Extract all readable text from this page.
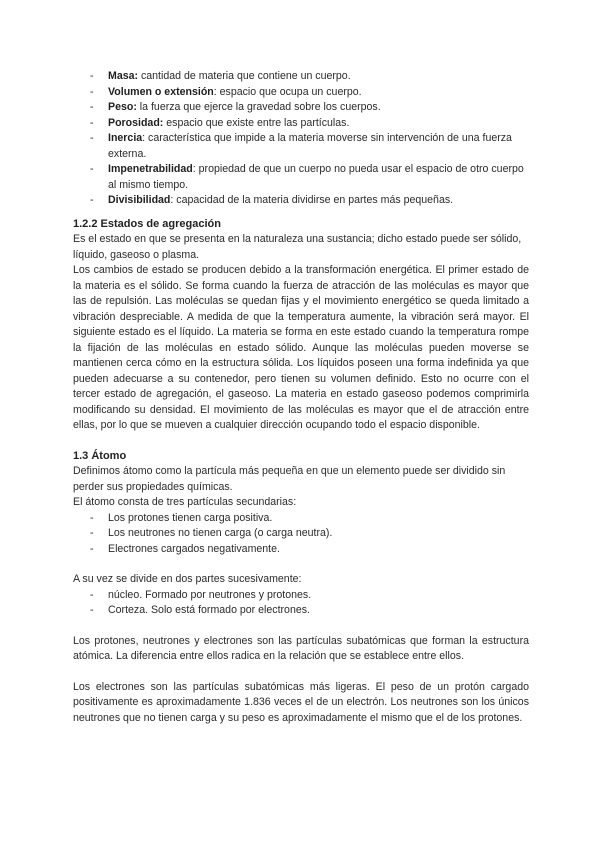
- Masa: cantidad de materia que contiene un cuerpo.
- Volumen o extensión: espacio que ocupa un cuerpo.
- Peso: la fuerza que ejerce la gravedad sobre los cuerpos.
- Porosidad: espacio que existe entre las partículas.
- Inercia: característica que impide a la materia moverse sin intervención de una fuerza externa.
- Impenetrabilidad: propiedad de que un cuerpo no pueda usar el espacio de otro cuerpo al mismo tiempo.
- Divisibilidad: capacidad de la materia dividirse en partes más pequeñas.
1.2.2 Estados de agregación

Es el estado en que se presenta en la naturaleza una sustancia; dicho estado puede ser sólido, líquido, gaseoso o plasma.

Los cambios de estado se producen debido a la transformación energética. El primer estado de la materia es el sólido. Se forma cuando la fuerza de atracción de las moléculas es mayor que las de repulsión. Las moléculas se quedan fijas y el movimiento energético se queda limitado a vibración despreciable. A medida de que la temperatura aumente, la vibración será mayor. El siguiente estado es el líquido. La materia se forma en este estado cuando la temperatura rompe la fijación de las moléculas en estado sólido. Aunque las moléculas pueden moverse se mantienen cerca cómo en la estructura sólida. Los líquidos poseen una forma indefinida ya que pueden adecuarse a su contenedor, pero tienen su volumen definido. Esto no ocurre con el tercer estado de agregación, el gaseoso. La materia en estado gaseoso podemos comprimirla modificando su densidad. El movimiento de las moléculas es mayor que el de atracción entre ellas, por lo que se mueven a cualquier dirección ocupando todo el espacio disponible.

1.3 Átomo

Definimos átomo como la partícula más pequeña en que un elemento puede ser dividido sin perder sus propiedades químicas.

El átomo consta de tres partículas secundarias:

- Los protones tienen carga positiva.
- Los neutrones no tienen carga (o carga neutra).
- Electrones cargados negativamente.

A su vez se divide en dos partes sucesivamente:

- núcleo. Formado por neutrones y protones.
- Corteza. Solo está formado por electrones.

Los protones, neutrones y electrones son las partículas subatómicas que forman la estructura atómica. La diferencia entre ellos radica en la relación que se establece entre ellos.

Los electrones son las partículas subatómicas más ligeras. El peso de un protón cargado positivamente es aproximadamente 1.836 veces el de un electrón. Los neutrones son los únicos neutrones que no tienen carga y su peso es aproximadamente el mismo que el de los protones.
